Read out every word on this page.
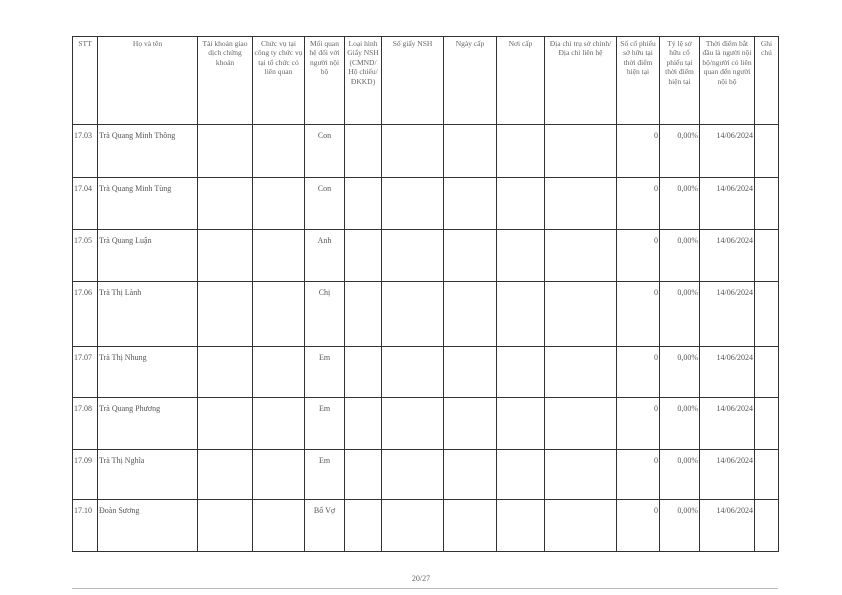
STT	Họ và tên	Tài khoản giao dịch chứng khoán	Chức vụ tại công ty chức vụ tại tổ chức có liên quan	Mối quan hệ đối với người nội bộ	Loại hình Giấy NSH (CMND/ Hộ chiếu/ ĐKKD)	Số giấy NSH	Ngày cấp	Nơi cấp	Địa chỉ trụ sở chính/ Địa chỉ liên hệ	Số cổ phiếu sở hữu tại thời điểm hiện tại	Tỷ lệ sở hữu cổ phiếu tại thời điểm hiện tại	Thời điểm bắt đầu là người nội bộ/người có liên quan đến người nội bộ	Ghi chú
17.03	Trà Quang Minh Thông			Con						0	0,00%	14/06/2024	
17.04	Trà Quang Minh Tùng			Con						0	0,00%	14/06/2024	
17.05	Trà Quang Luận			Anh						0	0,00%	14/06/2024	
17.06	Trà Thị Lành			Chị						0	0,00%	14/06/2024	
17.07	Trà Thị Nhung			Em						0	0,00%	14/06/2024	
17.08	Trà Quang Phương			Em						0	0,00%	14/06/2024	
17.09	Trà Thị Nghĩa			Em						0	0,00%	14/06/2024	
17.10	Đoàn Sương			Bố Vợ						0	0,00%	14/06/2024	
20/27
